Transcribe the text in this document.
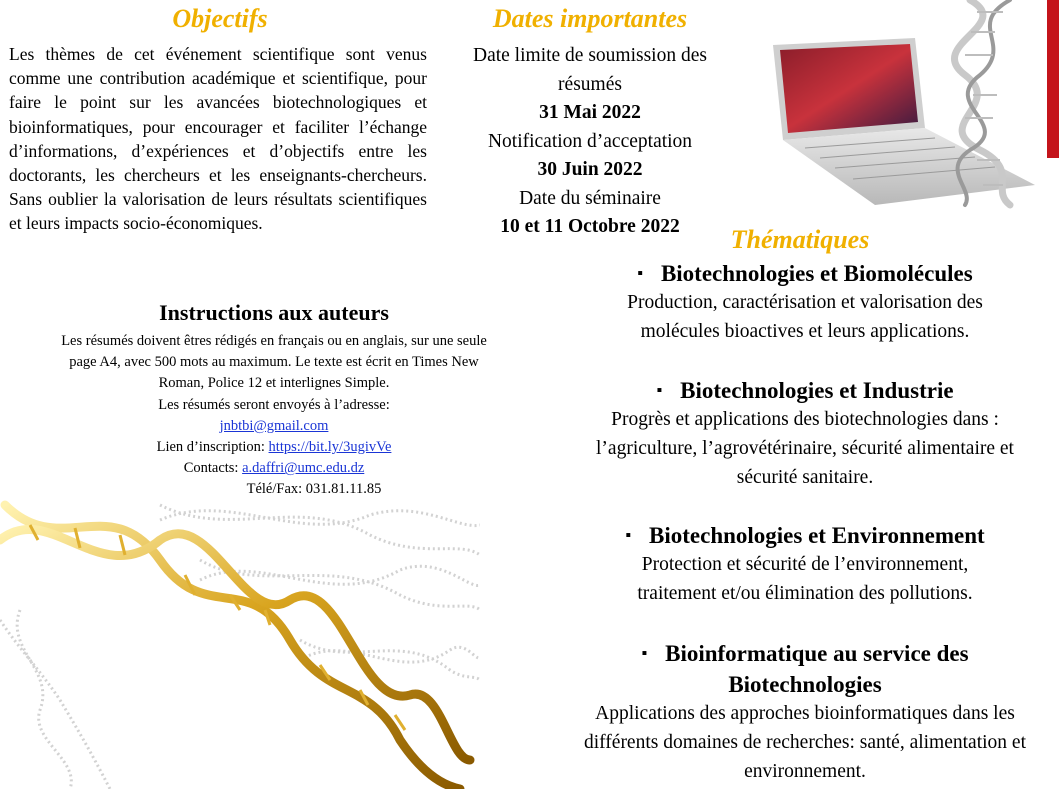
Objectifs

Les thèmes de cet événement scientifique sont venus comme une contribution académique et scientifique, pour faire le point sur les avancées biotechnologiques et bioinformatiques, pour encourager et faciliter l’échange d’informations, d’expériences et d’objectifs entre les doctorants, les chercheurs et les enseignants-chercheurs. Sans oublier la valorisation de leurs résultats scientifiques et leurs impacts socio-économiques.

Dates importantes
Date limite de soumission des résumés
31 Mai 2022
Notification d’acceptation
30 Juin 2022
Date du séminaire
10 et 11 Octobre 2022
Instructions aux auteurs
Les résumés doivent êtres rédigés en français ou en anglais, sur une seule page A4, avec 500 mots au maximum. Le texte est écrit en Times New Roman, Police 12 et interlignes Simple.
Les résumés seront envoyés à l’adresse:
jnbtbi@gmail.com
Lien d’inscription: https://bit.ly/3ugivVe
Contacts: a.daffri@umc.edu.dz
Télé/Fax: 031.81.11.85
Thématiques
▪ Biotechnologies et Biomolécules
Production, caractérisation et valorisation des molécules bioactives et leurs applications.
▪ Biotechnologies et Industrie
Progrès et applications des biotechnologies dans : l’agriculture, l’agrovétérinaire, sécurité alimentaire et sécurité sanitaire.
▪ Biotechnologies et Environnement
Protection et sécurité de l’environnement, traitement et/ou élimination des pollutions.
▪ Bioinformatique au service des Biotechnologies
Applications des approches bioinformatiques dans les différents domaines de recherches: santé, alimentation et environnement.
